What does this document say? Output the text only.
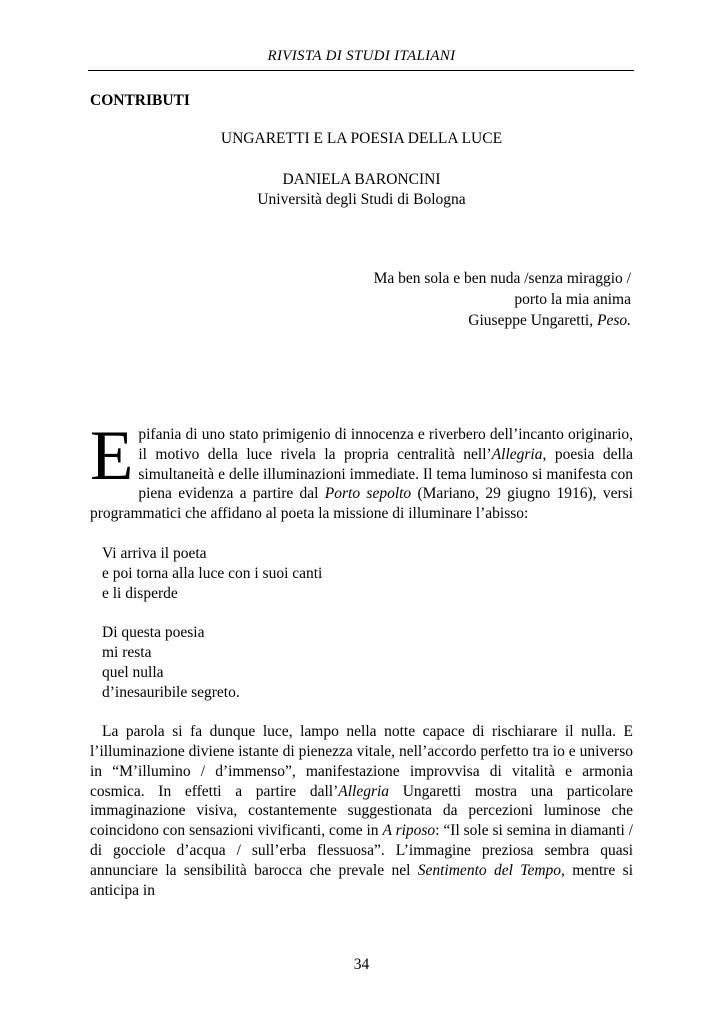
RIVISTA DI STUDI ITALIANI
CONTRIBUTI
UNGARETTI E LA POESIA DELLA LUCE
DANIELA BARONCINI
Università degli Studi di Bologna
Ma ben sola e ben nuda /senza miraggio /
porto la mia anima
Giuseppe Ungaretti, Peso.

Epifania di uno stato primigenio di innocenza e riverbero dell’incanto originario, il motivo della luce rivela la propria centralità nell’Allegria, poesia della simultaneità e delle illuminazioni immediate. Il tema luminoso si manifesta con piena evidenza a partire dal Porto sepolto (Mariano, 29 giugno 1916), versi programmatici che affidano al poeta la missione di illuminare l’abisso:

Vi arriva il poeta
e poi torna alla luce con i suoi canti
e li disperde
Di questa poesia
mi resta
quel nulla
d’inesauribile segreto.

La parola si fa dunque luce, lampo nella notte capace di rischiarare il nulla. E l’illuminazione diviene istante di pienezza vitale, nell’accordo perfetto tra io e universo in “M’illumino / d’immenso”, manifestazione improvvisa di vitalità e armonia cosmica. In effetti a partire dall’Allegria Ungaretti mostra una particolare immaginazione visiva, costantemente suggestionata da percezioni luminose che coincidono con sensazioni vivificanti, come in A riposo: “Il sole si semina in diamanti / di gocciole d’acqua / sull’erba flessuosa”. L’immagine preziosa sembra quasi annunciare la sensibilità barocca che prevale nel Sentimento del Tempo, mentre si anticipa in

34
